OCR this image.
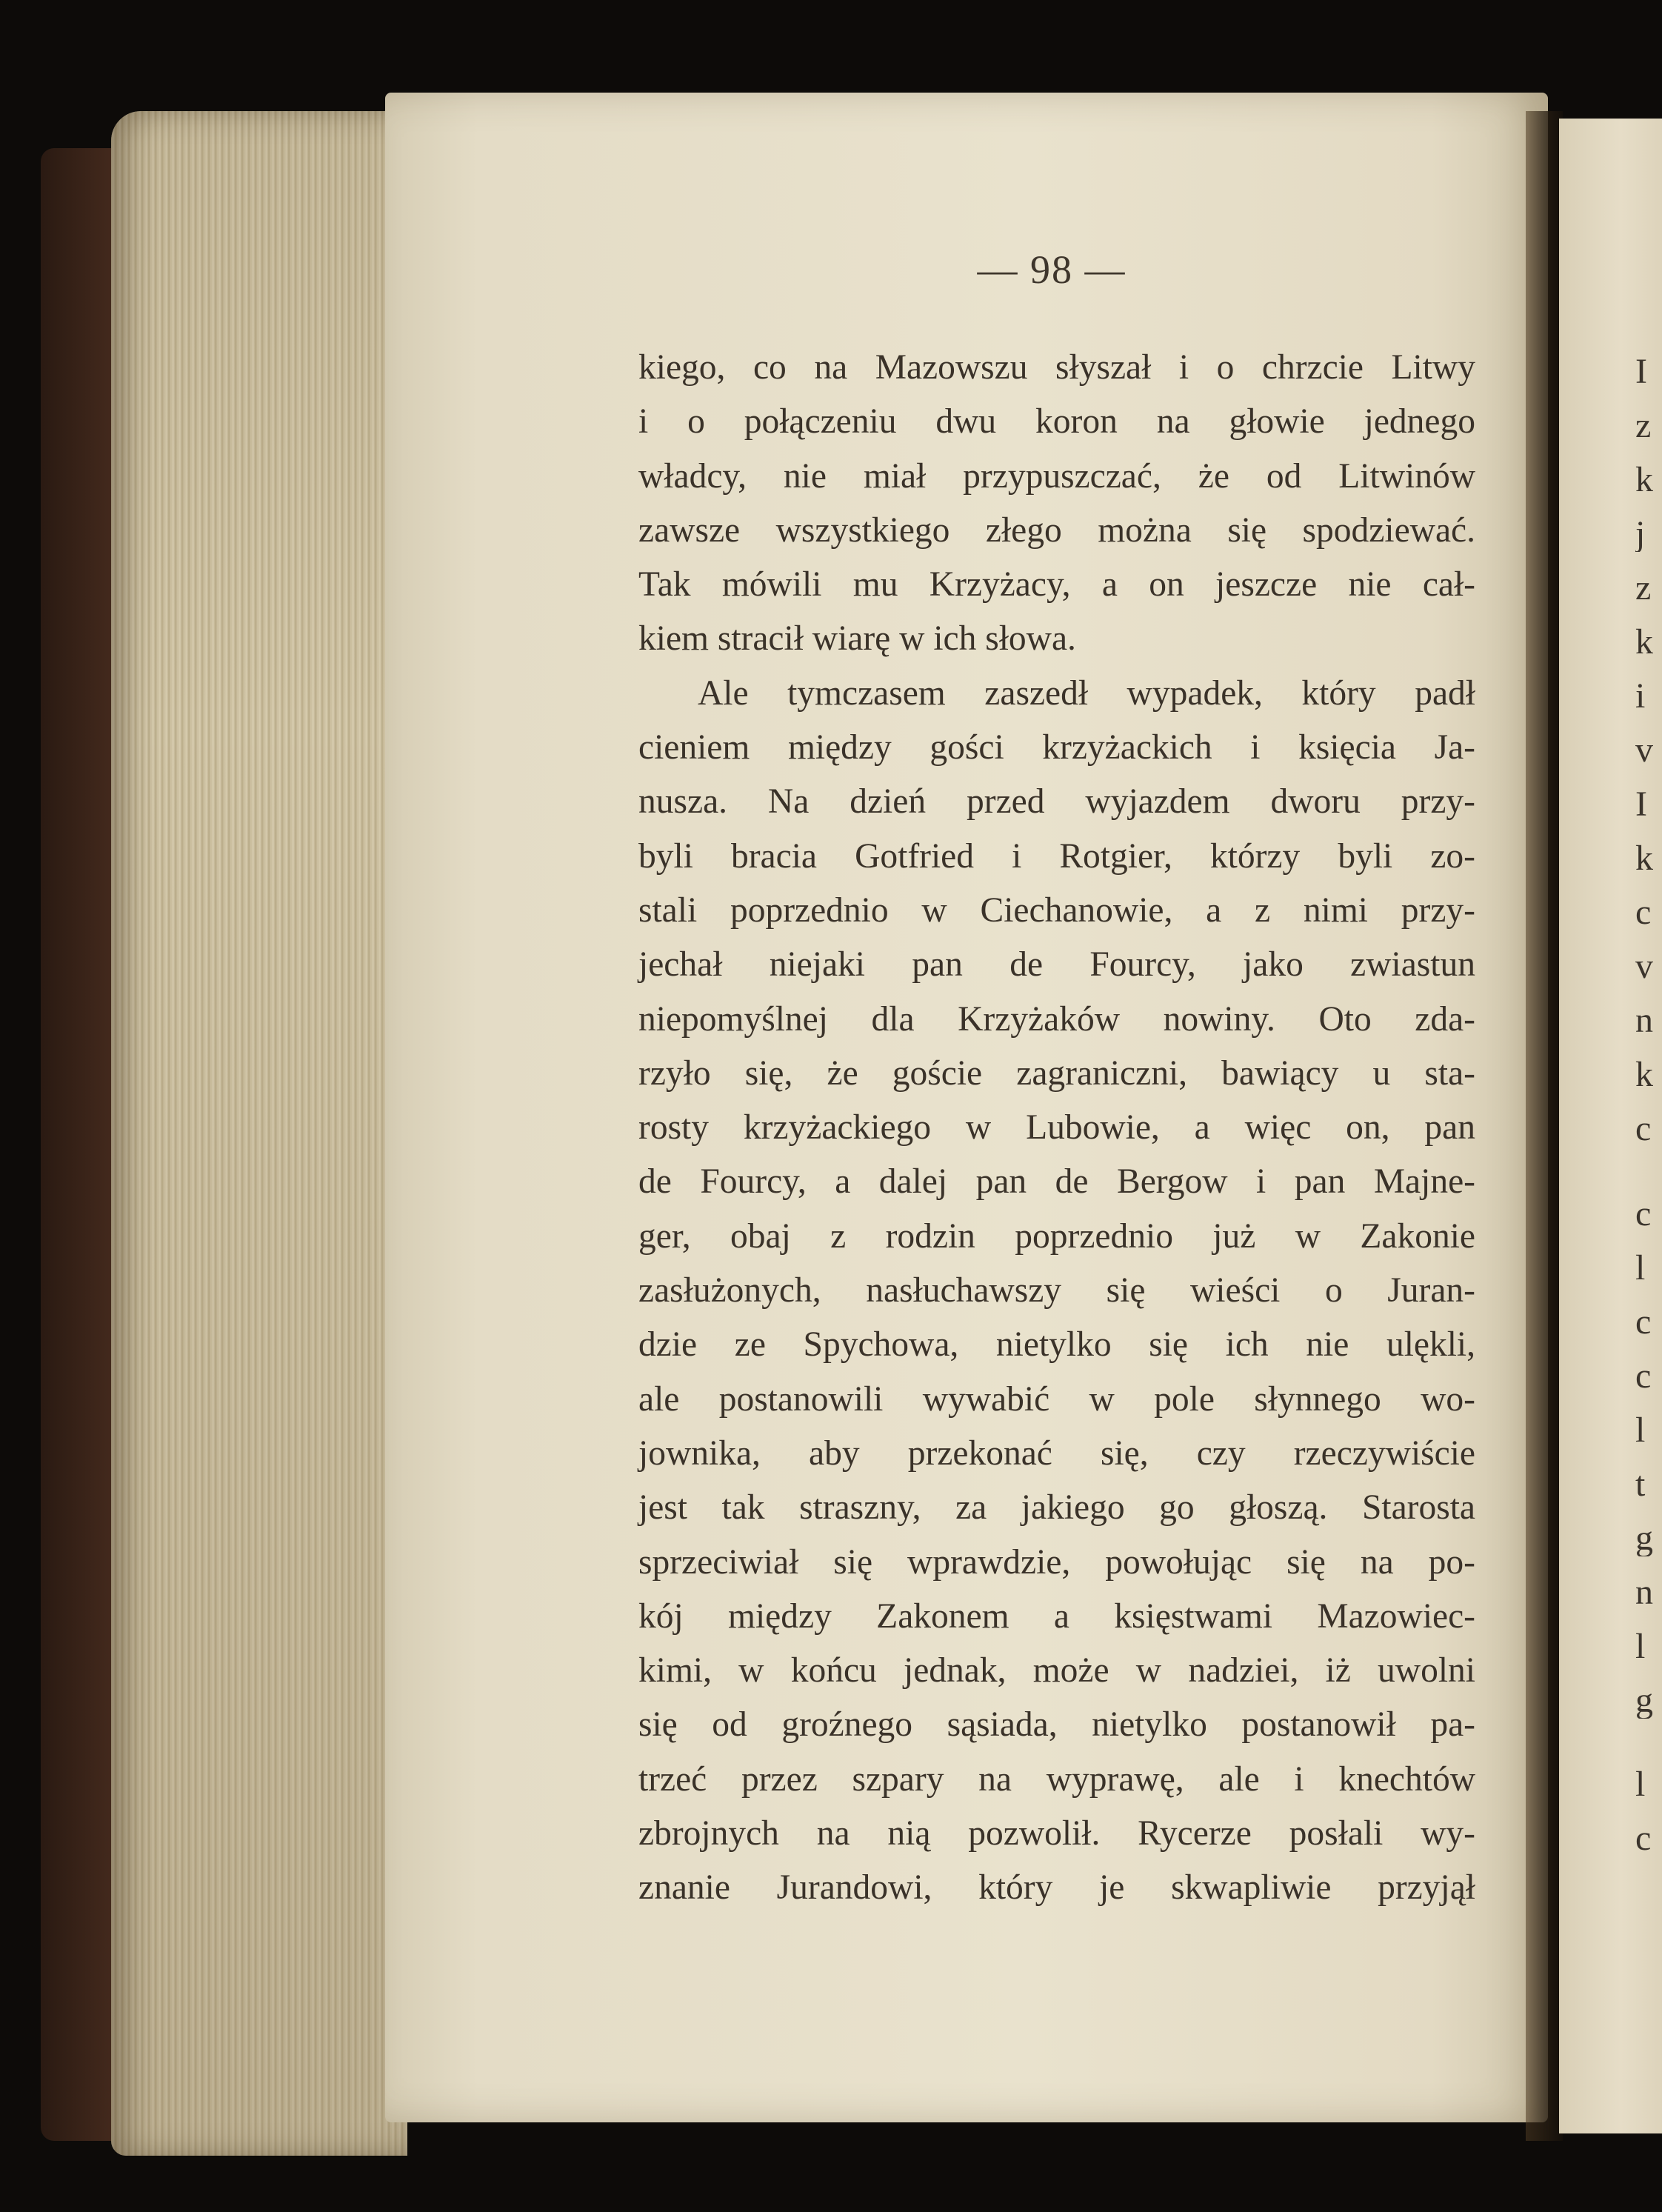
— 98 —
kiego, co na Mazowszu słyszał i o chrzcie Litwy
i o połączeniu dwu koron na głowie jednego
władcy, nie miał przypuszczać, że od Litwinów
zawsze wszystkiego złego można się spodziewać.
Tak mówili mu Krzyżacy, a on jeszcze nie cał-
kiem stracił wiarę w ich słowa.
Ale tymczasem zaszedł wypadek, który padł
cieniem między gości krzyżackich i księcia Ja-
nusza. Na dzień przed wyjazdem dworu przy-
byli bracia Gotfried i Rotgier, którzy byli zo-
stali poprzednio w Ciechanowie, a z nimi przy-
jechał niejaki pan de Fourcy, jako zwiastun
niepomyślnej dla Krzyżaków nowiny. Oto zda-
rzyło się, że goście zagraniczni, bawiący u sta-
rosty krzyżackiego w Lubowie, a więc on, pan
de Fourcy, a dalej pan de Bergow i pan Majne-
ger, obaj z rodzin poprzednio już w Zakonie
zasłużonych, nasłuchawszy się wieści o Juran-
dzie ze Spychowa, nietylko się ich nie ulękli,
ale postanowili wywabić w pole słynnego wo-
jownika, aby przekonać się, czy rzeczywiście
jest tak straszny, za jakiego go głoszą. Starosta
sprzeciwiał się wprawdzie, powołując się na po-
kój między Zakonem a księstwami Mazowiec-
kimi, w końcu jednak, może w nadziei, iż uwolni
się od groźnego sąsiada, nietylko postanowił pa-
trzeć przez szpary na wyprawę, ale i knechtów
zbrojnych na nią pozwolił. Rycerze posłali wy-
znanie Jurandowi, który je skwapliwie przyjął
I
z
k
j
z
k
i
v
I
k
c
v
n
k
c
c
l
c
c
l
t
g
n
l
g
l
c
